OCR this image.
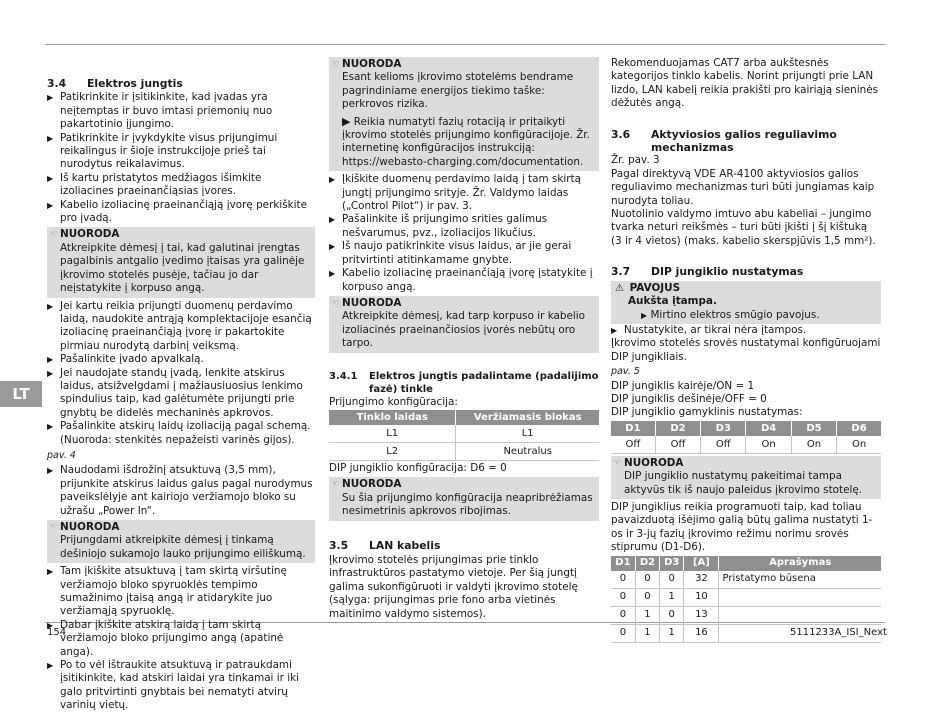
LT
154	5111233A_ISI_Next
3.4	Elektros jungtis

▶ Patikrinkite ir įsitikinkite, kad įvadas yra neįtemptas ir buvo imtasi priemonių nuo pakartotinio įjungimo.

▶ Patikrinkite ir įvykdykite visus prijungimui reikalingus ir šioje instrukcijoje prieš tai nurodytus reikalavimus.

▶ Iš kartu pristatytos medžiagos išimkite izoliacines praeinančiąsias įvores.

▶ Kabelio izoliacinę praeinančiąją įvorę perkiškite pro įvadą.

☜ NUORODA
Atkreipkite dėmesį į tai, kad galutinai įrengtas pagalbinis antgalio įvedimo įtaisas yra galinėje įkrovimo stotelės pusėje, tačiau jo dar neįstatykite į korpuso angą.

▶ Jei kartu reikia prijungti duomenų perdavimo laidą, naudokite antrąją komplektacijoje esančią izoliacinę praeinančiąją įvorę ir pakartokite pirmiau nurodytą darbinį veiksmą.

▶ Pašalinkite įvado apvalkalą.

▶ Jei naudojate standų įvadą, lenkite atskirus laidus, atsižvelgdami į mažiausiuosius lenkimo spindulius taip, kad galėtumėte prijungti prie gnybtų be didelės mechaninės apkrovos.

▶ Pašalinkite atskirų laidų izoliaciją pagal schemą. (Nuoroda: stenkitės nepažeisti varinės gijos).

pav. 4

▶ Naudodami išdrožinį atsuktuvą (3,5 mm), prijunkite atskirus laidus galus pagal nurodymus paveikslėlyje ant kairiojo veržiamojo bloko su užrašu „Power In“.

☜ NUORODA
Prijungdami atkreipkite dėmesį į tinkamą dešiniojo sukamojo lauko prijungimo eiliškumą.

▶ Tam įkiškite atsuktuvą į tam skirtą viršutinę veržiamojo bloko spyruoklės tempimo sumažinimo įtaisą angą ir atidarykite juo veržiamąją spyruoklę.

▶ Dabar įkiškite atskirą laidą į tam skirtą veržiamojo bloko prijungimo angą (apatinė anga).

▶ Po to vėl ištraukite atsuktuvą ir patraukdami įsitikinkite, kad atskiri laidai yra tinkamai ir iki galo pritvirtinti gnybtais bei nematyti atvirų varinių vietų.

☜ NUORODA
Esant kelioms įkrovimo stotelėms bendrame pagrindiniame energijos tiekimo taške: perkrovos rizika.
▶ Reikia numatyti fazių rotaciją ir pritaikyti įkrovimo stotelės prijungimo konfigūracijoje. Žr. internetinę konfigūracijos instrukciją: https://webasto-charging.com/documentation.

▶ Įkiškite duomenų perdavimo laidą į tam skirtą jungtį prijungimo srityje. Žr. Valdymo laidas („Control Pilot“) ir pav. 3.

▶ Pašalinkite iš prijungimo srities galimus nešvarumus, pvz., izoliacijos likučius.

▶ Iš naujo patikrinkite visus laidus, ar jie gerai pritvirtinti atitinkamame gnybte.

▶ Kabelio izoliacinę praeinančiąją įvorę įstatykite į korpuso angą.

☜ NUORODA
Atkreipkite dėmesį, kad tarp korpuso ir kabelio izoliacinės praeinančiosios įvorės nebūtų oro tarpo.
3.4.1	Elektros jungtis padalintame (padalijimo fazė) tinkle

Prijungimo konfigūracija:

Tinklo laidas	Veržiamasis blokas
L1	L1
L2	Neutralus

DIP jungiklio konfigūracija: D6 = 0

☜ NUORODA
Su šia prijungimo konfigūracija neapribrėžiamas nesimetrinis apkrovos ribojimas.
3.5	LAN kabelis

Įkrovimo stotelės prijungimas prie tinklo infrastruktūros pastatymo vietoje. Per šią jungtį galima sukonfigūruoti ir valdyti įkrovimo stotelę (sąlyga: prijungimas prie fono arba vietinės maitinimo valdymo sistemos).

Rekomenduojamas CAT7 arba aukštesnės kategorijos tinklo kabelis. Norint prijungti prie LAN lizdo, LAN kabelį reikia prakišti pro kairiąją sieninės dėžutės angą.

3.6	Aktyviosios galios reguliavimo mechanizmas

Žr. pav. 3

Pagal direktyvą VDE AR-4100 aktyviosios galios reguliavimo mechanizmas turi būti jungiamas kaip nurodyta toliau.

Nuotolinio valdymo imtuvo abu kabeliai – jungimo tvarka neturi reikšmės – turi būti įkišti į šį kištuką (3 ir 4 vietos) (maks. kabelio skerspjūvis 1,5 mm²).

3.7	DIP jungiklio nustatymas
⚠ PAVOJUS
Aukšta įtampa.
▶ Mirtino elektros smūgio pavojus.

▶ Nustatykite, ar tikrai nėra įtampos.

Įkrovimo stotelės srovės nustatymai konfigūruojami DIP jungikliais.

pav. 5

DIP jungiklis kairėje/ON = 1

DIP jungiklis dešinėje/OFF = 0

DIP jungiklio gamyklinis nustatymas:

D1	D2	D3	D4	D5	D6
Off	Off	Off	On	On	On
☜ NUORODA
DIP jungiklio nustatymų pakeitimai tampa aktyvūs tik iš naujo paleidus įkrovimo stotelę.

DIP jungiklius reikia programuoti taip, kad toliau pavaizduotą išėjimo galią būtų galima nustatyti 1-os ir 3-jų fazių įkrovimo režimu norimu srovės stiprumu (D1-D6).

D1	D2	D3	[A]	Aprašymas
0	0	0	32	Pristatymo būsena
0	0	1	10	
0	1	0	13	
0	1	1	16	
